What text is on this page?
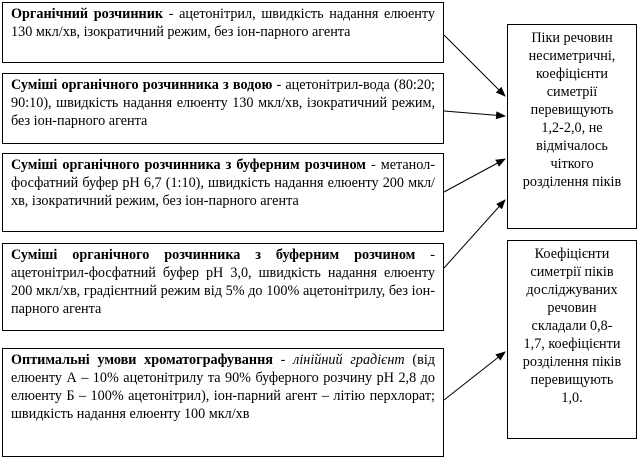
Органічний розчинник - ацетонітрил, швидкість надання елюенту 130 мкл/хв, ізократичний режим, без іон-парного агента
Суміші органічного розчинника з водою - ацетонітрил-вода (80:20; 90:10), швидкість надання елюенту 130 мкл/хв, ізократичний режим, без іон-парного агента
Суміші органічного розчинника з буферним розчином - метанол-фосфатний буфер рН 6,7 (1:10), швидкість надання елюенту 200 мкл/хв, ізократичний режим, без іон-парного агента
Суміші органічного розчинника з буферним розчином - ацетонітрил-фосфатний буфер рН 3,0, швидкість надання елюенту 200 мкл/хв, градієнтний режим від 5% до 100% ацетонітрилу, без іон-парного агента
Оптимальні умови хроматографування - лінійний градієнт (від елюенту А – 10% ацетонітрилу та 90% буферного розчину рН 2,8 до елюенту Б – 100% ацетонітрил), іон-парний агент – літію перхлорат; швидкість надання елюенту 100 мкл/хв
Піки речовин
несиметричні,
коефіцієнти
симетрії
перевищують
1,2-2,0, не
відмічалось
чіткого
розділення піків
Коефіцієнти
симетрії піків
досліджуваних
речовин
складали 0,8-
1,7, коефіцієнти
розділення піків
перевищують
1,0.
